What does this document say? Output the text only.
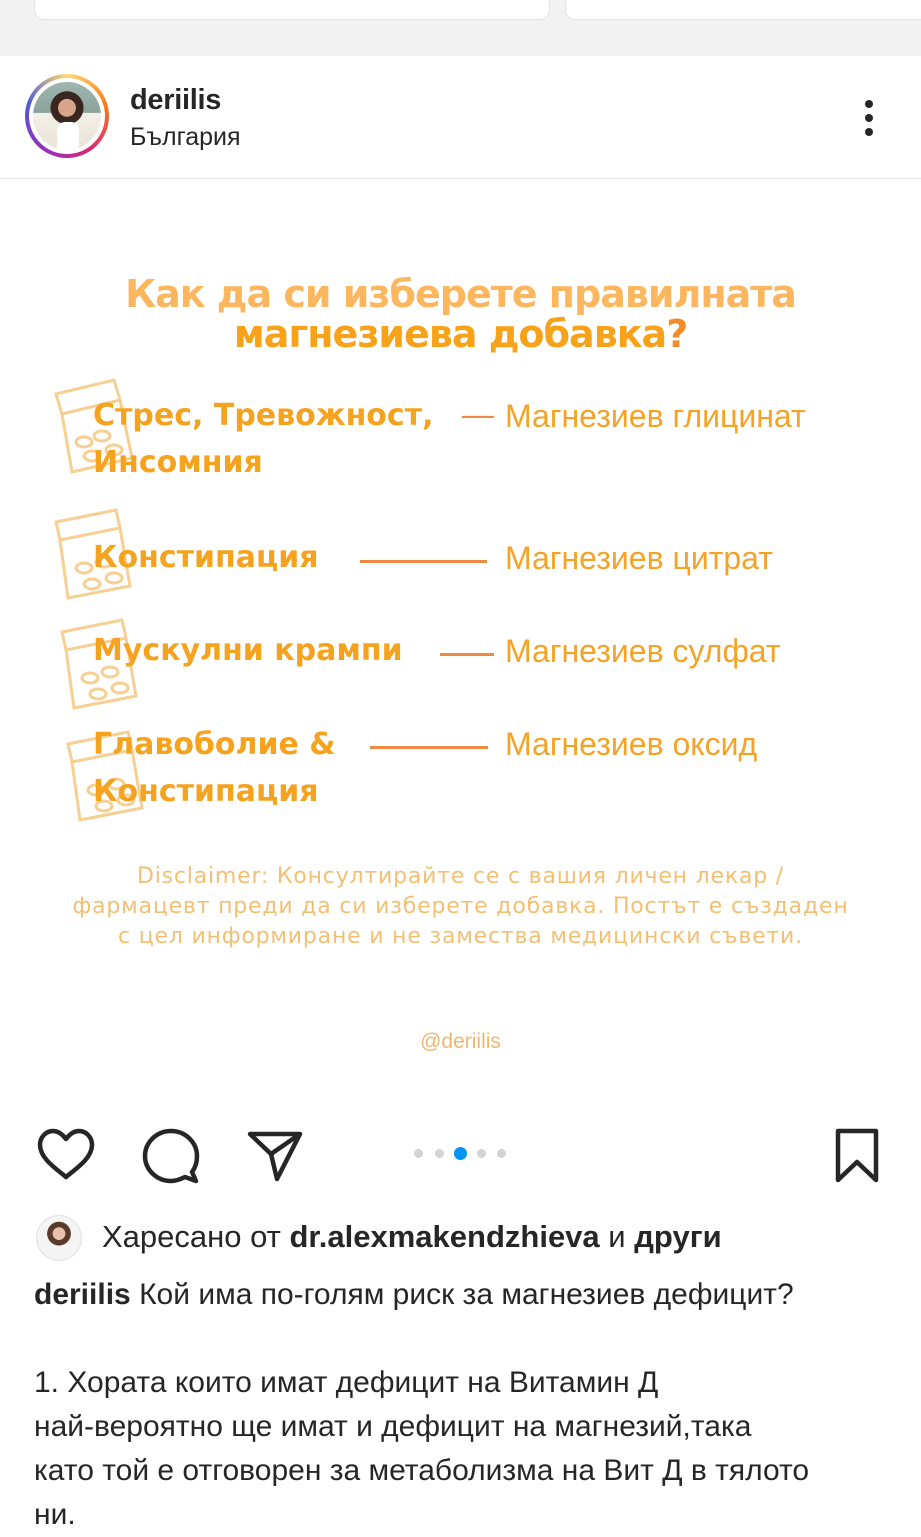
deriilis
България
Как да си изберете правилната
магнезиева добавка?
Стрес, Тревожност,
Инсомния
— Магнезиев глицинат
Констипация	Магнезиев цитрат
Мускулни крампи	Магнезиев сулфат
Главоболие &
Констипация
Магнезиев оксид
Disclaimer: Консултирайте се с вашия личен лекар /
фармацевт преди да си изберете добавка. Постът е създаден
с цел информиране и не замества медицински съвети.
@deriilis
Харесано от dr.alexmakendzhieva и други

deriilis Кой има по-голям риск за магнезиев дефицит?

1. Хората които имат дефицит на Витамин Д

най-вероятно ще имат и дефицит на магнезий,така

като той е отговорен за метаболизма на Вит Д в тялото

ни.
